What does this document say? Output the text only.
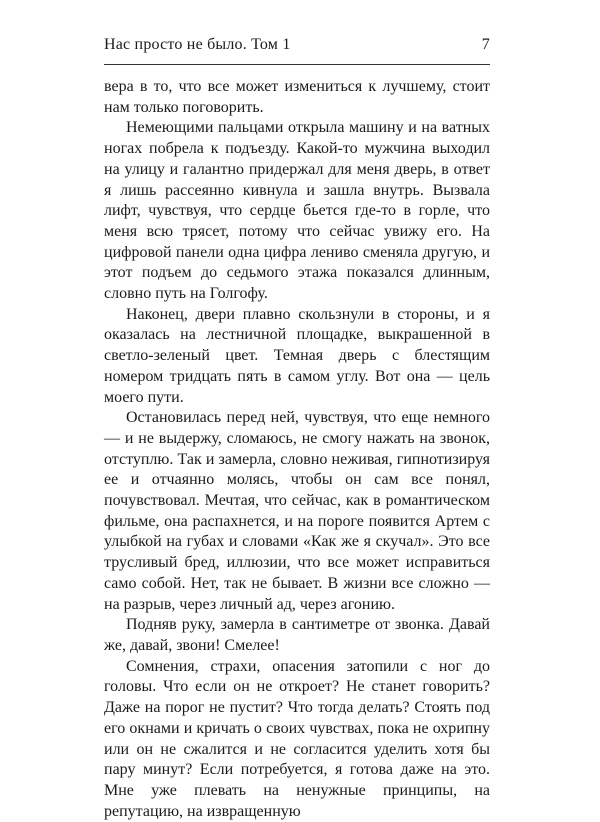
Нас просто не было. Том 1	7

вера в то, что все может измениться к лучшему, стоит нам только поговорить.

Немеющими пальцами открыла машину и на ватных ногах побрела к подъезду. Какой-то мужчина выходил на улицу и галантно придержал для меня дверь, в ответ я лишь рассеянно кивнула и зашла внутрь. Вызвала лифт, чувствуя, что сердце бьется где-то в горле, что меня всю трясет, потому что сейчас увижу его. На цифровой панели одна цифра лениво сменяла другую, и этот подъем до седьмого этажа показался длинным, словно путь на Голгофу.

Наконец, двери плавно скользнули в стороны, и я оказалась на лестничной площадке, выкрашенной в светло-зеленый цвет. Темная дверь с блестящим номером тридцать пять в самом углу. Вот она — цель моего пути.

Остановилась перед ней, чувствуя, что еще немного — и не выдержу, сломаюсь, не смогу нажать на звонок, отступлю. Так и замерла, словно неживая, гипнотизируя ее и отчаянно молясь, чтобы он сам все понял, почувствовал. Мечтая, что сейчас, как в романтическом фильме, она распахнется, и на пороге появится Артем с улыбкой на губах и словами «Как же я скучал». Это все трусливый бред, иллюзии, что все может исправиться само собой. Нет, так не бывает. В жизни все сложно — на разрыв, через личный ад, через агонию.

Подняв руку, замерла в сантиметре от звонка. Давай же, давай, звони! Смелее!

Сомнения, страхи, опасения затопили с ног до головы. Что если он не откроет? Не станет говорить? Даже на порог не пустит? Что тогда делать? Стоять под его окнами и кричать о своих чувствах, пока не охрипну или он не сжалится и не согласится уделить хотя бы пару минут? Если потребуется, я готова даже на это. Мне уже плевать на ненужные принципы, на репутацию, на извращенную
